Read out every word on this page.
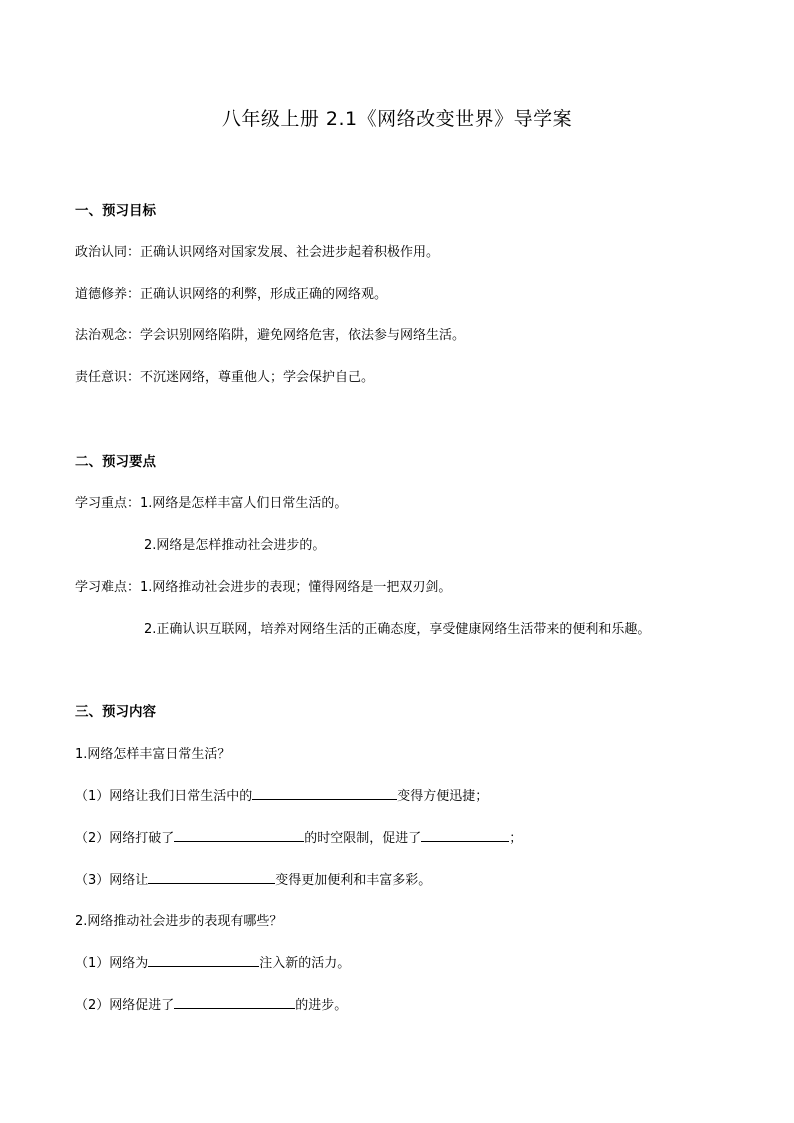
八年级上册 2.1《网络改变世界》导学案
一、预习目标
政治认同：正确认识网络对国家发展、社会进步起着积极作用。
道德修养：正确认识网络的利弊，形成正确的网络观。
法治观念：学会识别网络陷阱，避免网络危害，依法参与网络生活。
责任意识：不沉迷网络，尊重他人；学会保护自己。
二、预习要点
学习重点：1.网络是怎样丰富人们日常生活的。
2.网络是怎样推动社会进步的。
学习难点：1.网络推动社会进步的表现；懂得网络是一把双刃剑。
2.正确认识互联网，培养对网络生活的正确态度，享受健康网络生活带来的便利和乐趣。
三、预习内容
1.网络怎样丰富日常生活？
（1）网络让我们日常生活中的	变得方便迅捷；
（2）网络打破了	的时空限制，促进了	；
（3）网络让	变得更加便利和丰富多彩。
2.网络推动社会进步的表现有哪些？
（1）网络为	注入新的活力。
（2）网络促进了	的进步。
